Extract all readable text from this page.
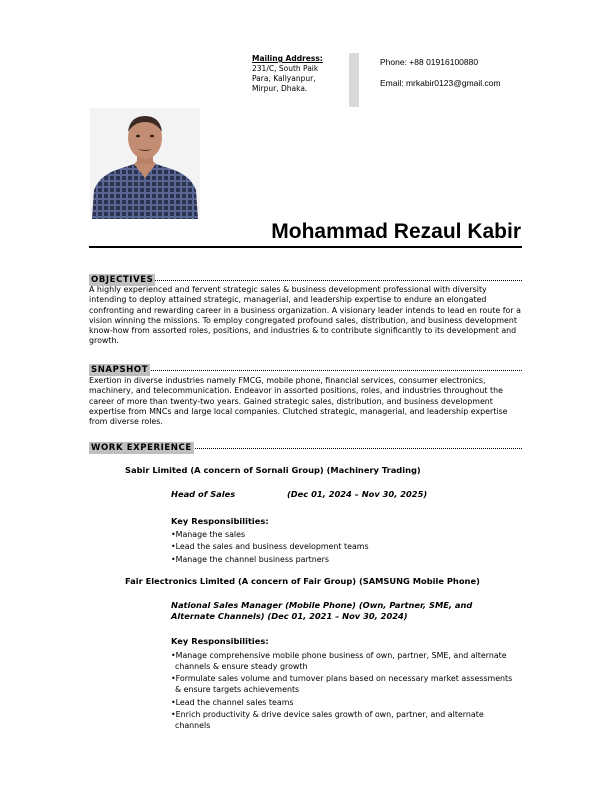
Mailing Address:
231/C, South Paik
Para, Kallyanpur,
Mirpur, Dhaka.
Phone: +88 01916100880
Email: mrkabir0123@gmail.com
Mohammad Rezaul Kabir
OBJECTIVES
A highly experienced and fervent strategic sales & business development professional with diversity intending to deploy attained strategic, managerial, and leadership expertise to endure an elongated confronting and rewarding career in a business organization. A visionary leader intends to lead en route for a vision winning the missions. To employ congregated profound sales, distribution, and business development know-how from assorted roles, positions, and industries & to contribute significantly to its development and growth.
SNAPSHOT
Exertion in diverse industries namely FMCG, mobile phone, financial services, consumer electronics, machinery, and telecommunication. Endeavor in assorted positions, roles, and industries throughout the career of more than twenty-two years. Gained strategic sales, distribution, and business development expertise from MNCs and large local companies. Clutched strategic, managerial, and leadership expertise from diverse roles.
WORK EXPERIENCE
Sabir Limited (A concern of Sornali Group) (Machinery Trading)
Head of Sales	(Dec 01, 2024 – Nov 30, 2025)
Key Responsibilities:
• Manage the sales
• Lead the sales and business development teams
• Manage the channel business partners
Fair Electronics Limited (A concern of Fair Group) (SAMSUNG Mobile Phone)
National Sales Manager (Mobile Phone) (Own, Partner, SME, and Alternate Channels) (Dec 01, 2021 – Nov 30, 2024)
Key Responsibilities:
• Manage comprehensive mobile phone business of own, partner, SME, and alternate channels & ensure steady growth
• Formulate sales volume and turnover plans based on necessary market assessments & ensure targets achievements
• Lead the channel sales teams
• Enrich productivity & drive device sales growth of own, partner, and alternate channels
